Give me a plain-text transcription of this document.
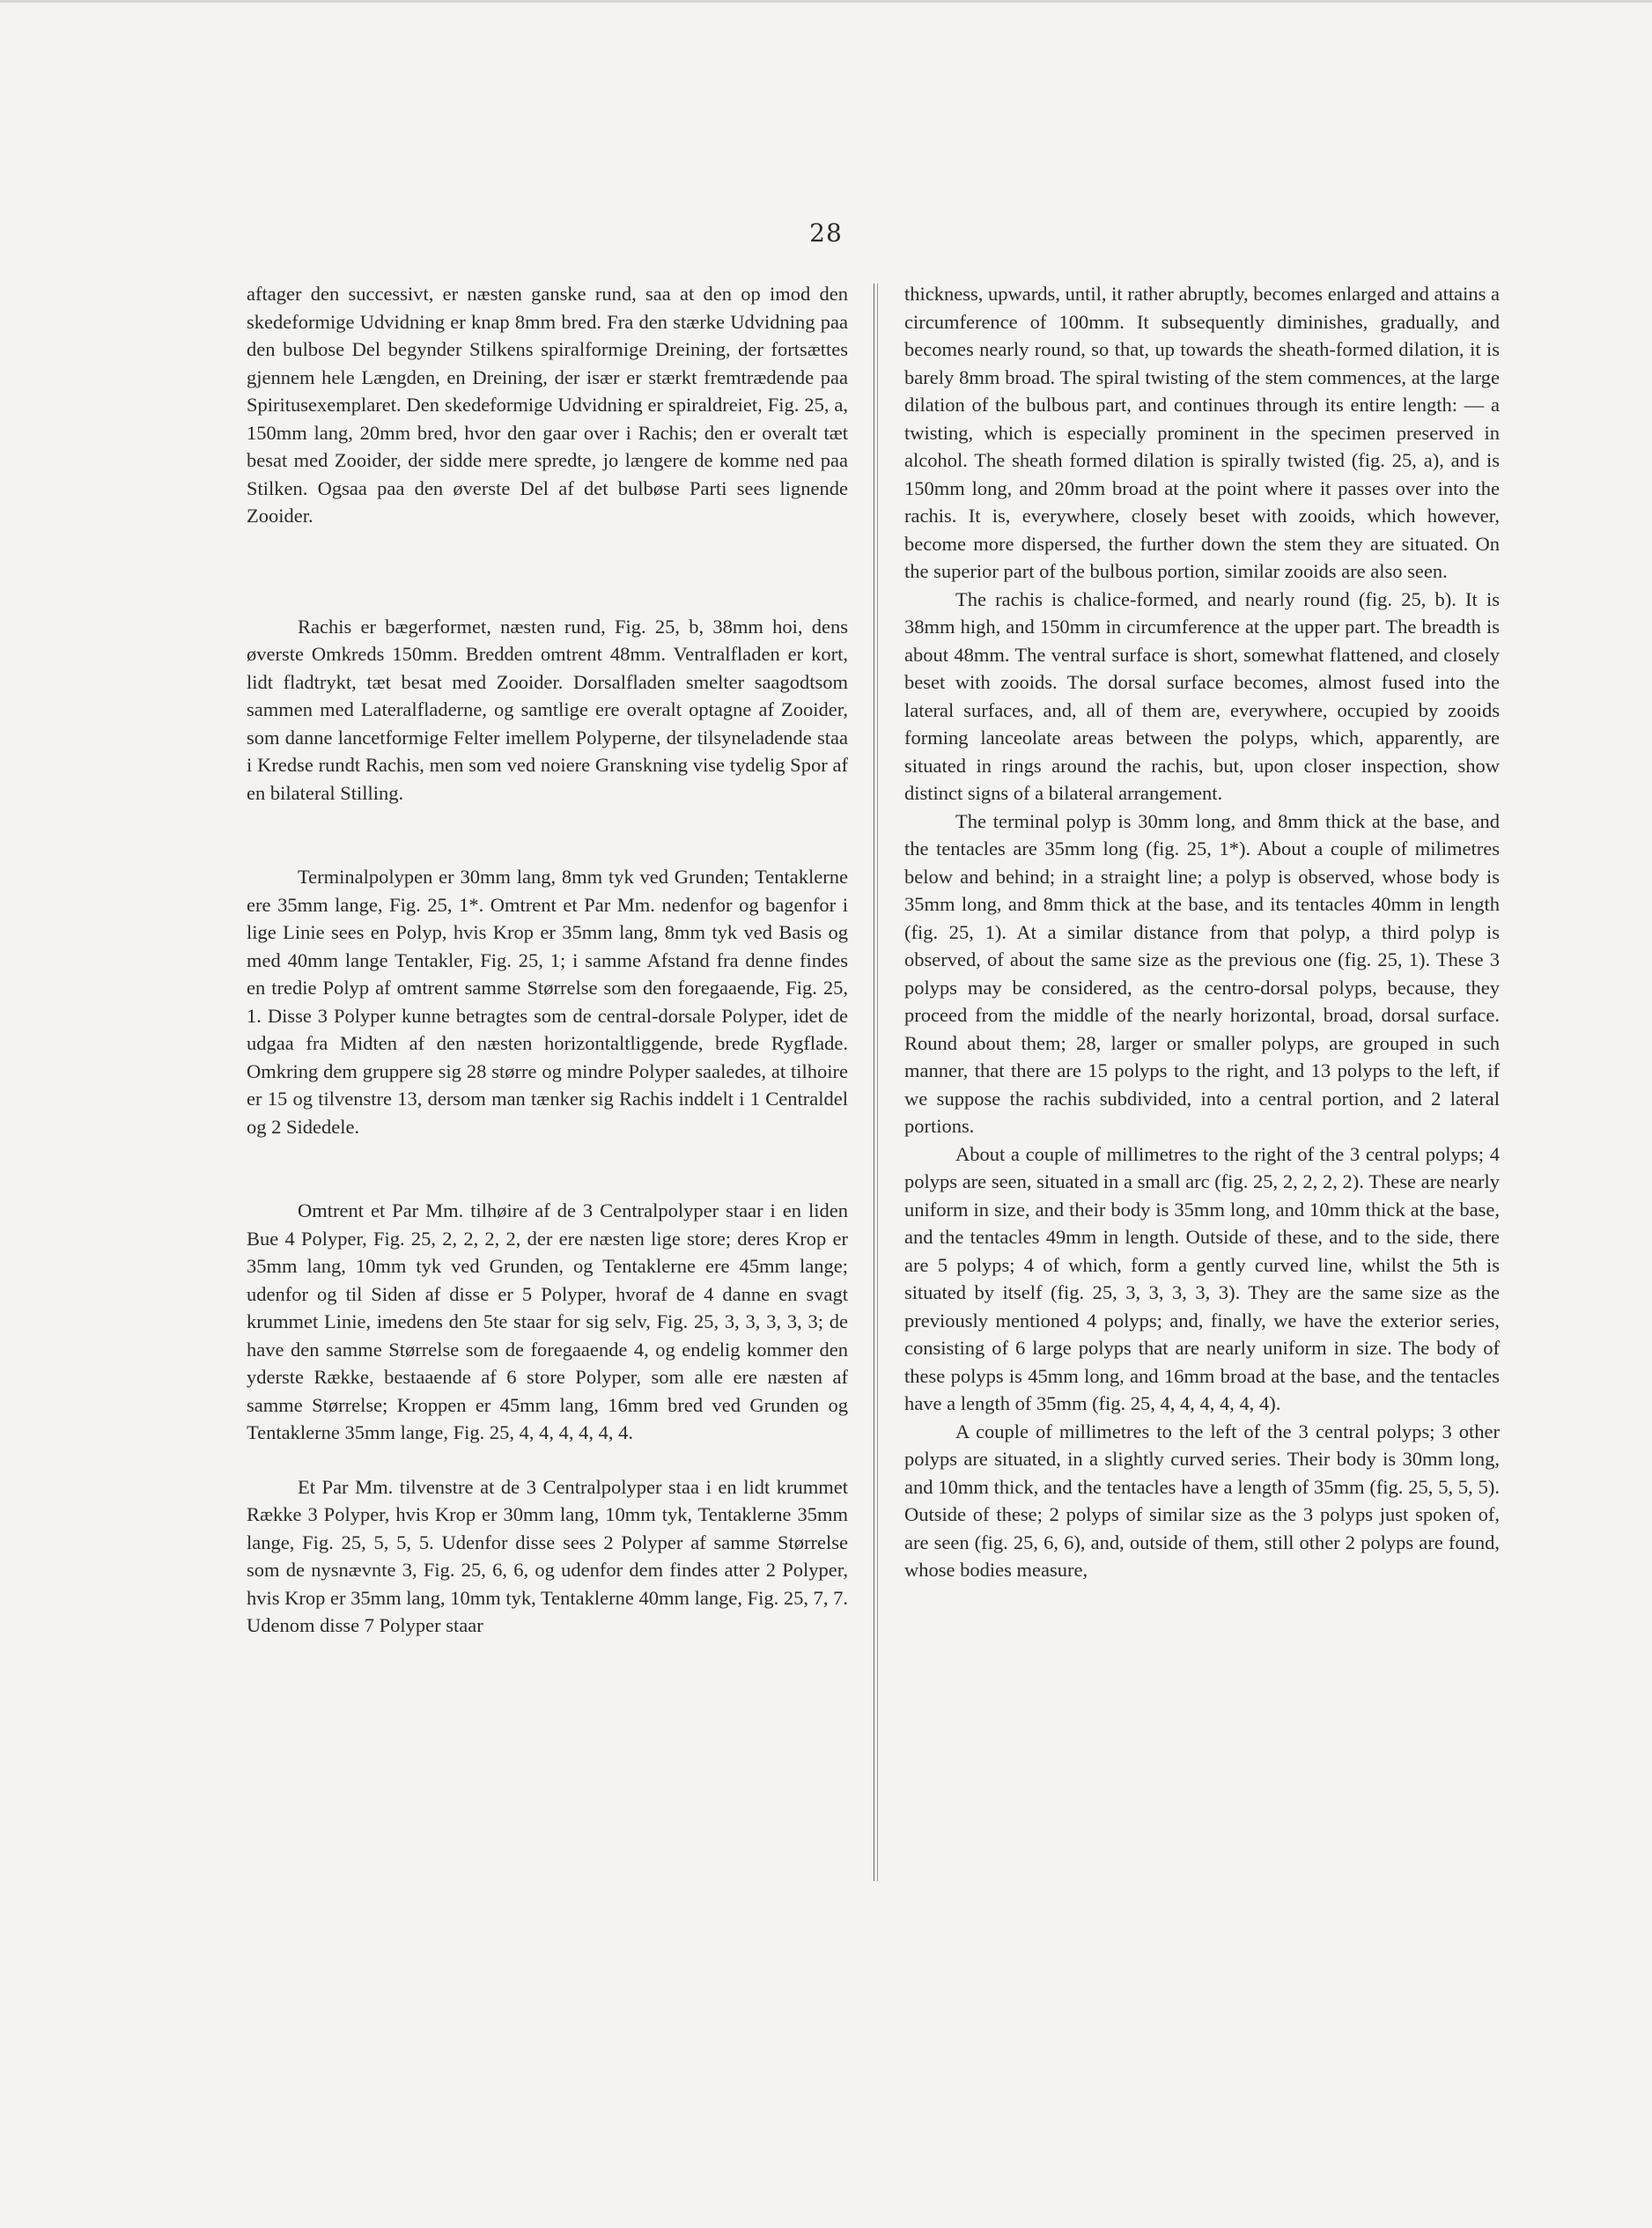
28

aftager den successivt, er næsten ganske rund, saa at den op imod den skedeformige Udvidning er knap 8mm bred. Fra den stærke Udvidning paa den bulbose Del begynder Stilkens spiralformige Dreining, der fortsættes gjennem hele Længden, en Dreining, der især er stærkt fremtrædende paa Spiritusexemplaret. Den skedeformige Udvidning er spiraldreiet, Fig. 25, a, 150mm lang, 20mm bred, hvor den gaar over i Rachis; den er overalt tæt besat med Zooider, der sidde mere spredte, jo længere de komme ned paa Stilken. Ogsaa paa den øverste Del af det bulbøse Parti sees lignende Zooider.

Rachis er bægerformet, næsten rund, Fig. 25, b, 38mm hoi, dens øverste Omkreds 150mm. Bredden omtrent 48mm. Ventralfladen er kort, lidt fladtrykt, tæt besat med Zooider. Dorsalfladen smelter saagodtsom sammen med Lateralfladerne, og samtlige ere overalt optagne af Zooider, som danne lancetformige Felter imellem Polyperne, der tilsyneladende staa i Kredse rundt Rachis, men som ved noiere Granskning vise tydelig Spor af en bilateral Stilling.

Terminalpolypen er 30mm lang, 8mm tyk ved Grunden; Tentaklerne ere 35mm lange, Fig. 25, 1*. Omtrent et Par Mm. nedenfor og bagenfor i lige Linie sees en Polyp, hvis Krop er 35mm lang, 8mm tyk ved Basis og med 40mm lange Tentakler, Fig. 25, 1; i samme Afstand fra denne findes en tredie Polyp af omtrent samme Størrelse som den foregaaende, Fig. 25, 1. Disse 3 Polyper kunne betragtes som de central-dorsale Polyper, idet de udgaa fra Midten af den næsten horizontaltliggende, brede Rygflade. Omkring dem gruppere sig 28 større og mindre Polyper saaledes, at tilhoire er 15 og tilvenstre 13, dersom man tænker sig Rachis inddelt i 1 Centraldel og 2 Sidedele.

Omtrent et Par Mm. tilhøire af de 3 Centralpolyper staar i en liden Bue 4 Polyper, Fig. 25, 2, 2, 2, 2, der ere næsten lige store; deres Krop er 35mm lang, 10mm tyk ved Grunden, og Tentaklerne ere 45mm lange; udenfor og til Siden af disse er 5 Polyper, hvoraf de 4 danne en svagt krummet Linie, imedens den 5te staar for sig selv, Fig. 25, 3, 3, 3, 3, 3; de have den samme Størrelse som de foregaaende 4, og endelig kommer den yderste Række, bestaaende af 6 store Polyper, som alle ere næsten af samme Størrelse; Kroppen er 45mm lang, 16mm bred ved Grunden og Tentaklerne 35mm lange, Fig. 25, 4, 4, 4, 4, 4, 4.

Et Par Mm. tilvenstre at de 3 Centralpolyper staa i en lidt krummet Række 3 Polyper, hvis Krop er 30mm lang, 10mm tyk, Tentaklerne 35mm lange, Fig. 25, 5, 5, 5. Udenfor disse sees 2 Polyper af samme Størrelse som de nysnævnte 3, Fig. 25, 6, 6, og udenfor dem findes atter 2 Polyper, hvis Krop er 35mm lang, 10mm tyk, Tentaklerne 40mm lange, Fig. 25, 7, 7. Udenom disse 7 Polyper staar

thickness, upwards, until, it rather abruptly, becomes enlarged and attains a circumference of 100mm. It subsequently diminishes, gradually, and becomes nearly round, so that, up towards the sheath-formed dilation, it is barely 8mm broad. The spiral twisting of the stem commences, at the large dilation of the bulbous part, and continues through its entire length: — a twisting, which is especially prominent in the specimen preserved in alcohol. The sheath formed dilation is spirally twisted (fig. 25, a), and is 150mm long, and 20mm broad at the point where it passes over into the rachis. It is, everywhere, closely beset with zooids, which however, become more dispersed, the further down the stem they are situated. On the superior part of the bulbous portion, similar zooids are also seen.

The rachis is chalice-formed, and nearly round (fig. 25, b). It is 38mm high, and 150mm in circumference at the upper part. The breadth is about 48mm. The ventral surface is short, somewhat flattened, and closely beset with zooids. The dorsal surface becomes, almost fused into the lateral surfaces, and, all of them are, everywhere, occupied by zooids forming lanceolate areas between the polyps, which, apparently, are situated in rings around the rachis, but, upon closer inspection, show distinct signs of a bilateral arrangement.

The terminal polyp is 30mm long, and 8mm thick at the base, and the tentacles are 35mm long (fig. 25, 1*). About a couple of milimetres below and behind; in a straight line; a polyp is observed, whose body is 35mm long, and 8mm thick at the base, and its tentacles 40mm in length (fig. 25, 1). At a similar distance from that polyp, a third polyp is observed, of about the same size as the previous one (fig. 25, 1). These 3 polyps may be considered, as the centro-dorsal polyps, because, they proceed from the middle of the nearly horizontal, broad, dorsal surface. Round about them; 28, larger or smaller polyps, are grouped in such manner, that there are 15 polyps to the right, and 13 polyps to the left, if we suppose the rachis subdivided, into a central portion, and 2 lateral portions.

About a couple of millimetres to the right of the 3 central polyps; 4 polyps are seen, situated in a small arc (fig. 25, 2, 2, 2, 2). These are nearly uniform in size, and their body is 35mm long, and 10mm thick at the base, and the tentacles 49mm in length. Outside of these, and to the side, there are 5 polyps; 4 of which, form a gently curved line, whilst the 5th is situated by itself (fig. 25, 3, 3, 3, 3, 3). They are the same size as the previously mentioned 4 polyps; and, finally, we have the exterior series, consisting of 6 large polyps that are nearly uniform in size. The body of these polyps is 45mm long, and 16mm broad at the base, and the tentacles have a length of 35mm (fig. 25, 4, 4, 4, 4, 4, 4).

A couple of millimetres to the left of the 3 central polyps; 3 other polyps are situated, in a slightly curved series. Their body is 30mm long, and 10mm thick, and the tentacles have a length of 35mm (fig. 25, 5, 5, 5). Outside of these; 2 polyps of similar size as the 3 polyps just spoken of, are seen (fig. 25, 6, 6), and, outside of them, still other 2 polyps are found, whose bodies measure,
